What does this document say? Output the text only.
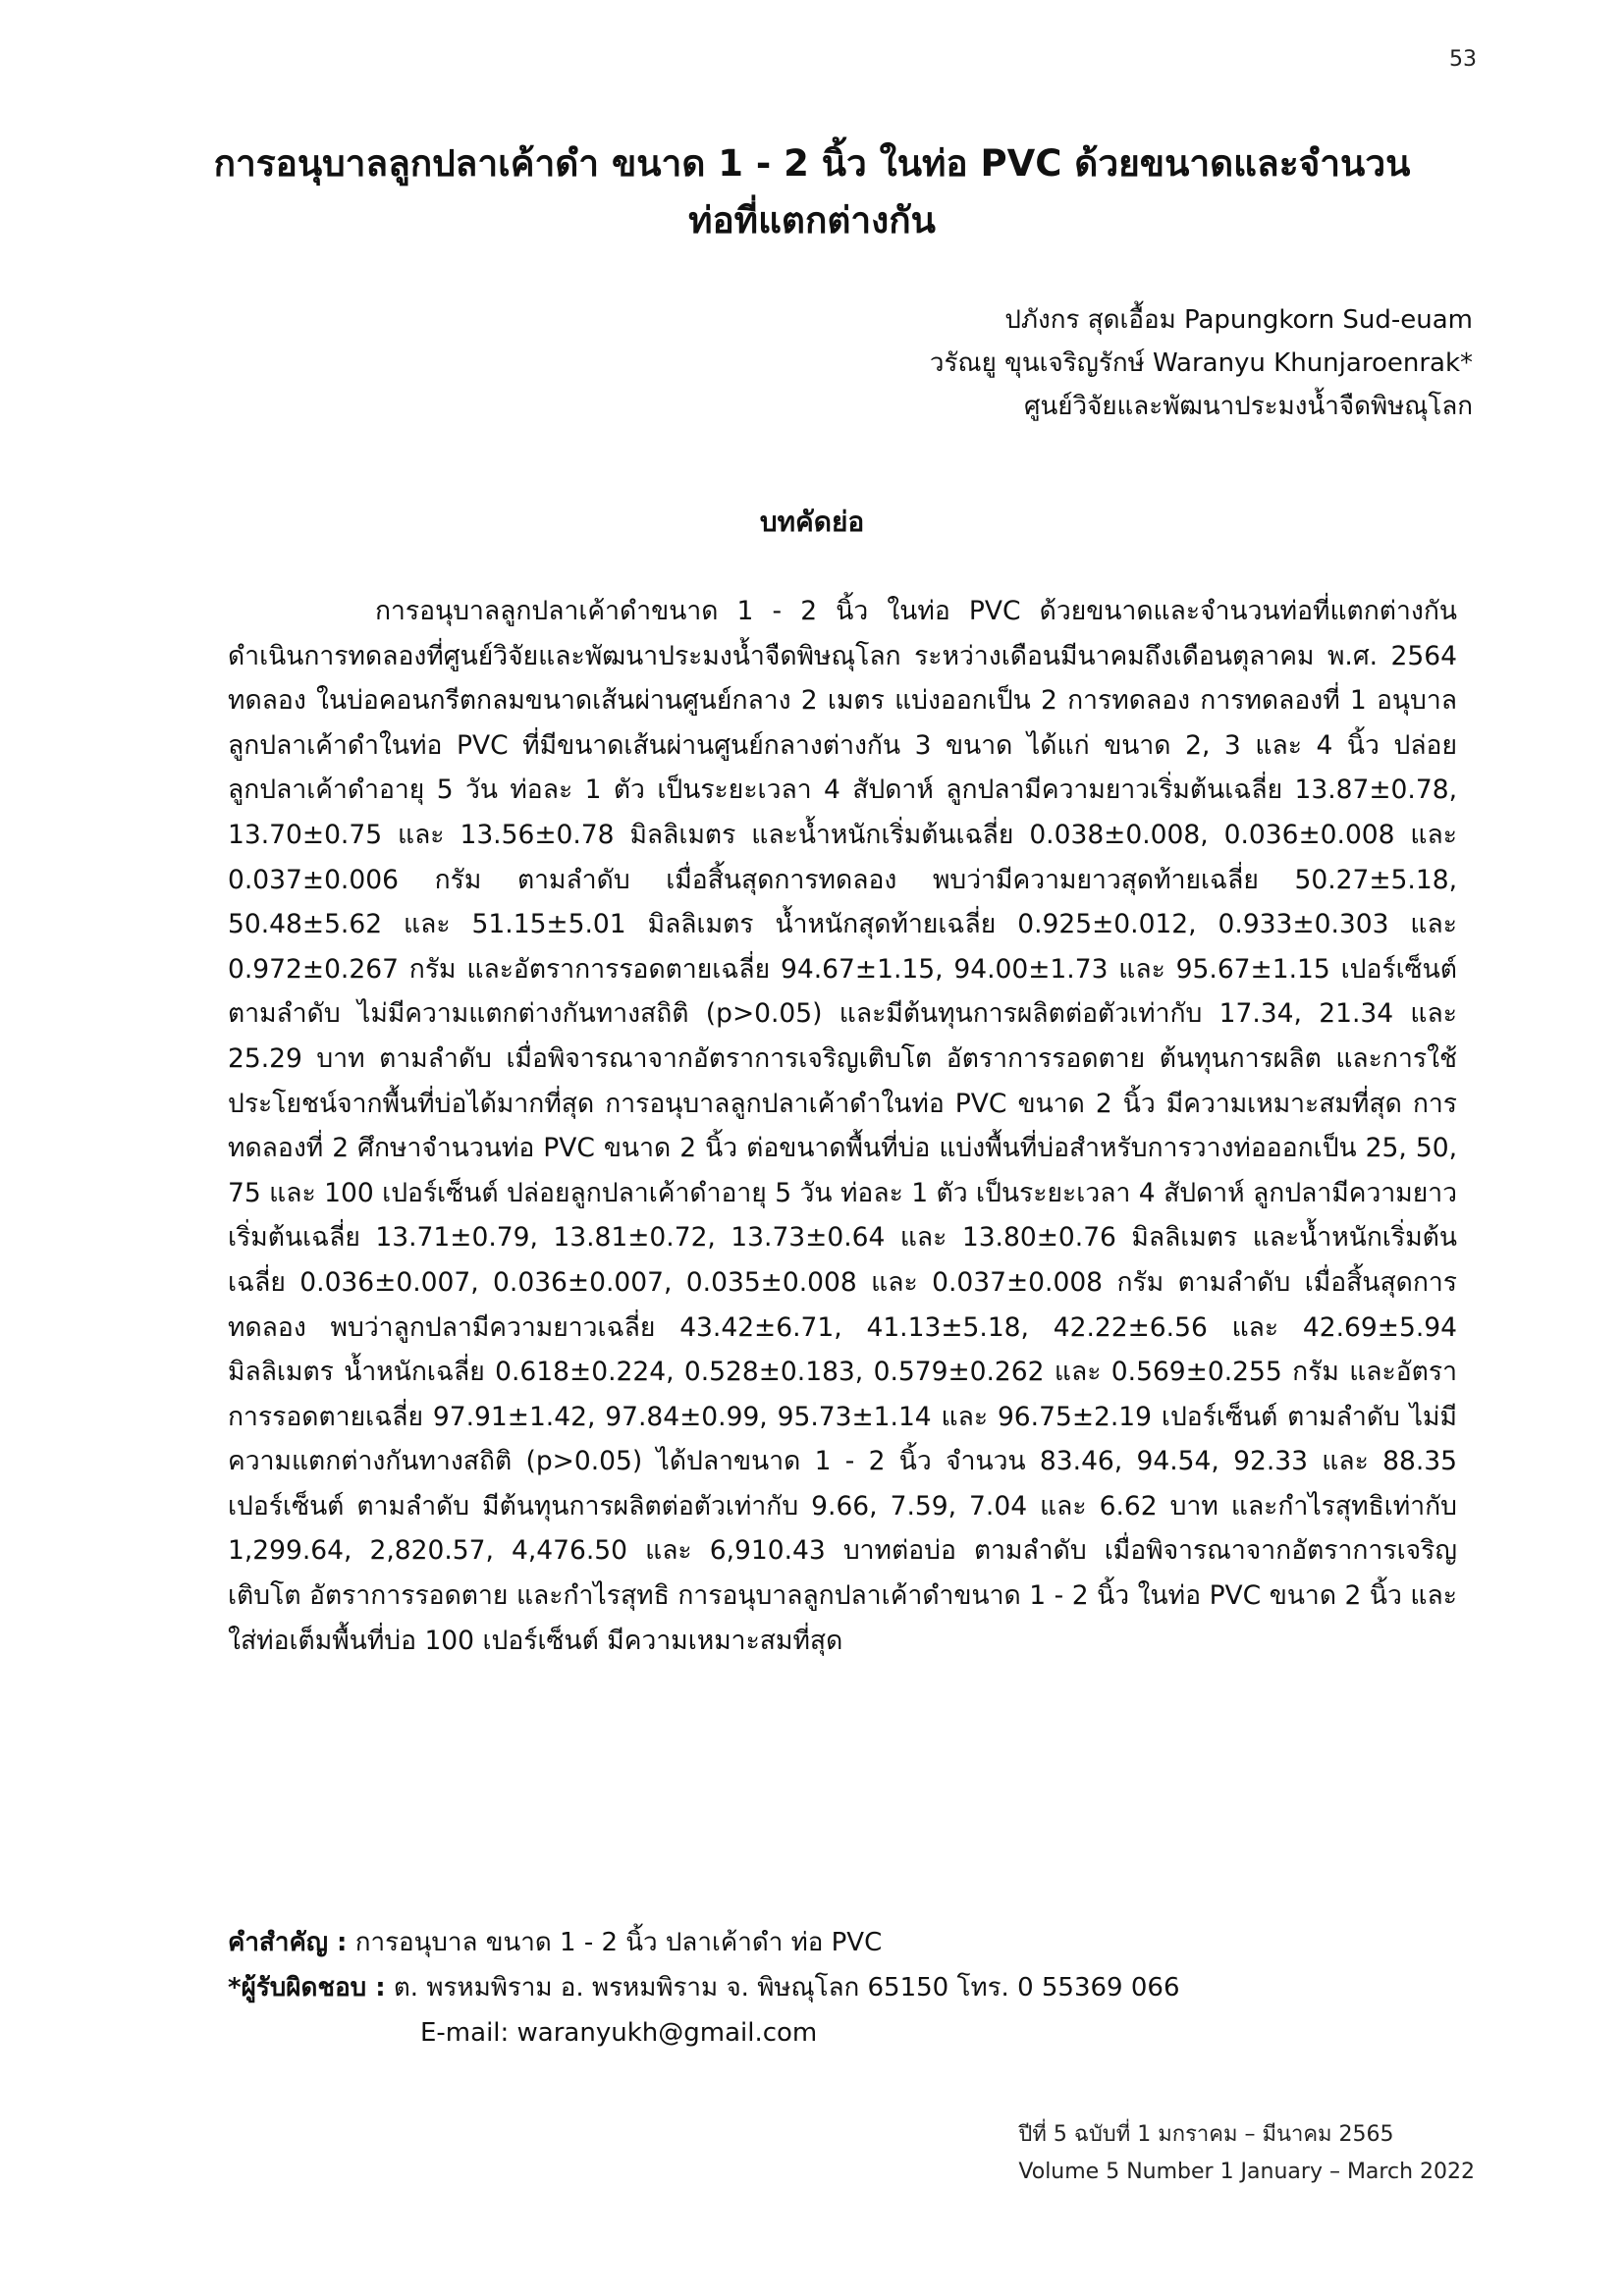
53
การอนุบาลลูกปลาเค้าดำ ขนาด 1 - 2 นิ้ว ในท่อ PVC ด้วยขนาดและจำนวนท่อที่แตกต่างกัน
ปภังกร สุดเอื้อม Papungkorn Sud-euam
วรัณยู ขุนเจริญรักษ์ Waranyu Khunjaroenrak*
ศูนย์วิจัยและพัฒนาประมงน้ำจืดพิษณุโลก
บทคัดย่อ

การอนุบาลลูกปลาเค้าดำขนาด 1 - 2 นิ้ว ในท่อ PVC ด้วยขนาดและจำนวนท่อที่แตกต่างกัน ดำเนินการทดลองที่ศูนย์วิจัยและพัฒนาประมงน้ำจืดพิษณุโลก ระหว่างเดือนมีนาคมถึงเดือนตุลาคม พ.ศ. 2564 ทดลอง ในบ่อคอนกรีตกลมขนาดเส้นผ่านศูนย์กลาง 2 เมตร แบ่งออกเป็น 2 การทดลอง การทดลองที่ 1 อนุบาลลูกปลาเค้าดำในท่อ PVC ที่มีขนาดเส้นผ่านศูนย์กลางต่างกัน 3 ขนาด ได้แก่ ขนาด 2, 3 และ 4 นิ้ว ปล่อยลูกปลาเค้าดำอายุ 5 วัน ท่อละ 1 ตัว เป็นระยะเวลา 4 สัปดาห์ ลูกปลามีความยาวเริ่มต้นเฉลี่ย 13.87±0.78, 13.70±0.75 และ 13.56±0.78 มิลลิเมตร และน้ำหนักเริ่มต้นเฉลี่ย 0.038±0.008, 0.036±0.008 และ 0.037±0.006 กรัม ตามลำดับ เมื่อสิ้นสุดการทดลอง พบว่ามีความยาวสุดท้ายเฉลี่ย 50.27±5.18, 50.48±5.62 และ 51.15±5.01 มิลลิเมตร น้ำหนักสุดท้ายเฉลี่ย 0.925±0.012, 0.933±0.303 และ 0.972±0.267 กรัม และอัตราการรอดตายเฉลี่ย 94.67±1.15, 94.00±1.73 และ 95.67±1.15 เปอร์เซ็นต์ ตามลำดับ ไม่มีความแตกต่างกันทางสถิติ (p>0.05) และมีต้นทุนการผลิตต่อตัวเท่ากับ 17.34, 21.34 และ 25.29 บาท ตามลำดับ เมื่อพิจารณาจากอัตราการเจริญเติบโต อัตราการรอดตาย ต้นทุนการผลิต และการใช้ประโยชน์จากพื้นที่บ่อได้มากที่สุด การอนุบาลลูกปลาเค้าดำในท่อ PVC ขนาด 2 นิ้ว มีความเหมาะสมที่สุด การทดลองที่ 2 ศึกษาจำนวนท่อ PVC ขนาด 2 นิ้ว ต่อขนาดพื้นที่บ่อ แบ่งพื้นที่บ่อสำหรับการวางท่อออกเป็น 25, 50, 75 และ 100 เปอร์เซ็นต์ ปล่อยลูกปลาเค้าดำอายุ 5 วัน ท่อละ 1 ตัว เป็นระยะเวลา 4 สัปดาห์ ลูกปลามีความยาวเริ่มต้นเฉลี่ย 13.71±0.79, 13.81±0.72, 13.73±0.64 และ 13.80±0.76 มิลลิเมตร และน้ำหนักเริ่มต้นเฉลี่ย 0.036±0.007, 0.036±0.007, 0.035±0.008 และ 0.037±0.008 กรัม ตามลำดับ เมื่อสิ้นสุดการทดลอง พบว่าลูกปลามีความยาวเฉลี่ย 43.42±6.71, 41.13±5.18, 42.22±6.56 และ 42.69±5.94 มิลลิเมตร น้ำหนักเฉลี่ย 0.618±0.224, 0.528±0.183, 0.579±0.262 และ 0.569±0.255 กรัม และอัตราการรอดตายเฉลี่ย 97.91±1.42, 97.84±0.99, 95.73±1.14 และ 96.75±2.19 เปอร์เซ็นต์ ตามลำดับ ไม่มีความแตกต่างกันทางสถิติ (p>0.05) ได้ปลาขนาด 1 - 2 นิ้ว จำนวน 83.46, 94.54, 92.33 และ 88.35 เปอร์เซ็นต์ ตามลำดับ มีต้นทุนการผลิตต่อตัวเท่ากับ 9.66, 7.59, 7.04 และ 6.62 บาท และกำไรสุทธิเท่ากับ 1,299.64, 2,820.57, 4,476.50 และ 6,910.43 บาทต่อบ่อ ตามลำดับ เมื่อพิจารณาจากอัตราการเจริญเติบโต อัตราการรอดตาย และกำไรสุทธิ การอนุบาลลูกปลาเค้าดำขนาด 1 - 2 นิ้ว ในท่อ PVC ขนาด 2 นิ้ว และใส่ท่อเต็มพื้นที่บ่อ 100 เปอร์เซ็นต์ มีความเหมาะสมที่สุด

คำสำคัญ : การอนุบาล ขนาด 1 - 2 นิ้ว ปลาเค้าดำ ท่อ PVC
*ผู้รับผิดชอบ : ต. พรหมพิราม อ. พรหมพิราม จ. พิษณุโลก 65150 โทร. 0 55369 066
E-mail: waranyukh@gmail.com
ปีที่ 5 ฉบับที่ 1 มกราคม – มีนาคม 2565
Volume 5 Number 1 January – March 2022
